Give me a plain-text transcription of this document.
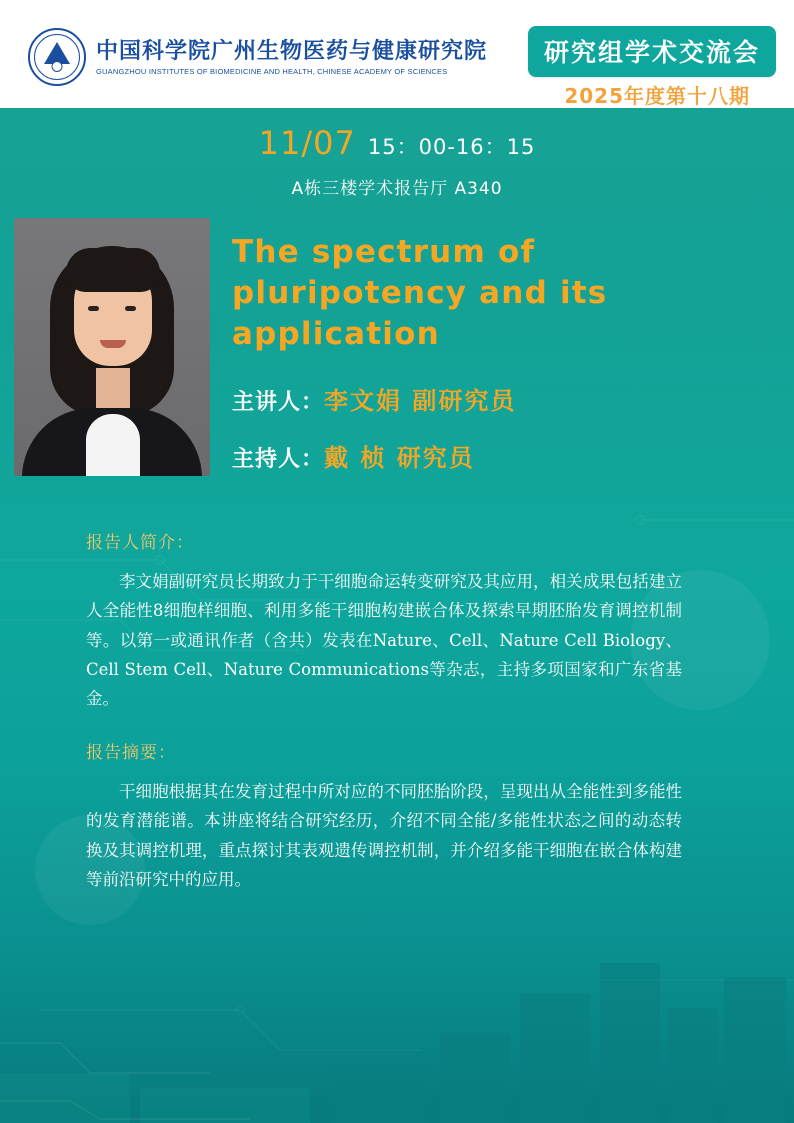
中国科学院广州生物医药与健康研究院
GUANGZHOU INSTITUTES OF BIOMEDICINE AND HEALTH, CHINESE ACADEMY OF SCIENCES
研究组学术交流会
2025年度第十八期
11/07 15：00-16：15
A栋三楼学术报告厅 A340
The spectrum of pluripotency and its application
主讲人：李文娟 副研究员
主持人：戴 桢 研究员
报告人简介：
李文娟副研究员长期致力于干细胞命运转变研究及其应用，相关成果包括建立人全能性8细胞样细胞、利用多能干细胞构建嵌合体及探索早期胚胎发育调控机制等。以第一或通讯作者（含共）发表在Nature、Cell、Nature Cell Biology、Cell Stem Cell、Nature Communications等杂志，主持多项国家和广东省基金。
报告摘要：
干细胞根据其在发育过程中所对应的不同胚胎阶段，呈现出从全能性到多能性的发育潜能谱。本讲座将结合研究经历，介绍不同全能/多能性状态之间的动态转换及其调控机理，重点探讨其表观遗传调控机制，并介绍多能干细胞在嵌合体构建等前沿研究中的应用。
